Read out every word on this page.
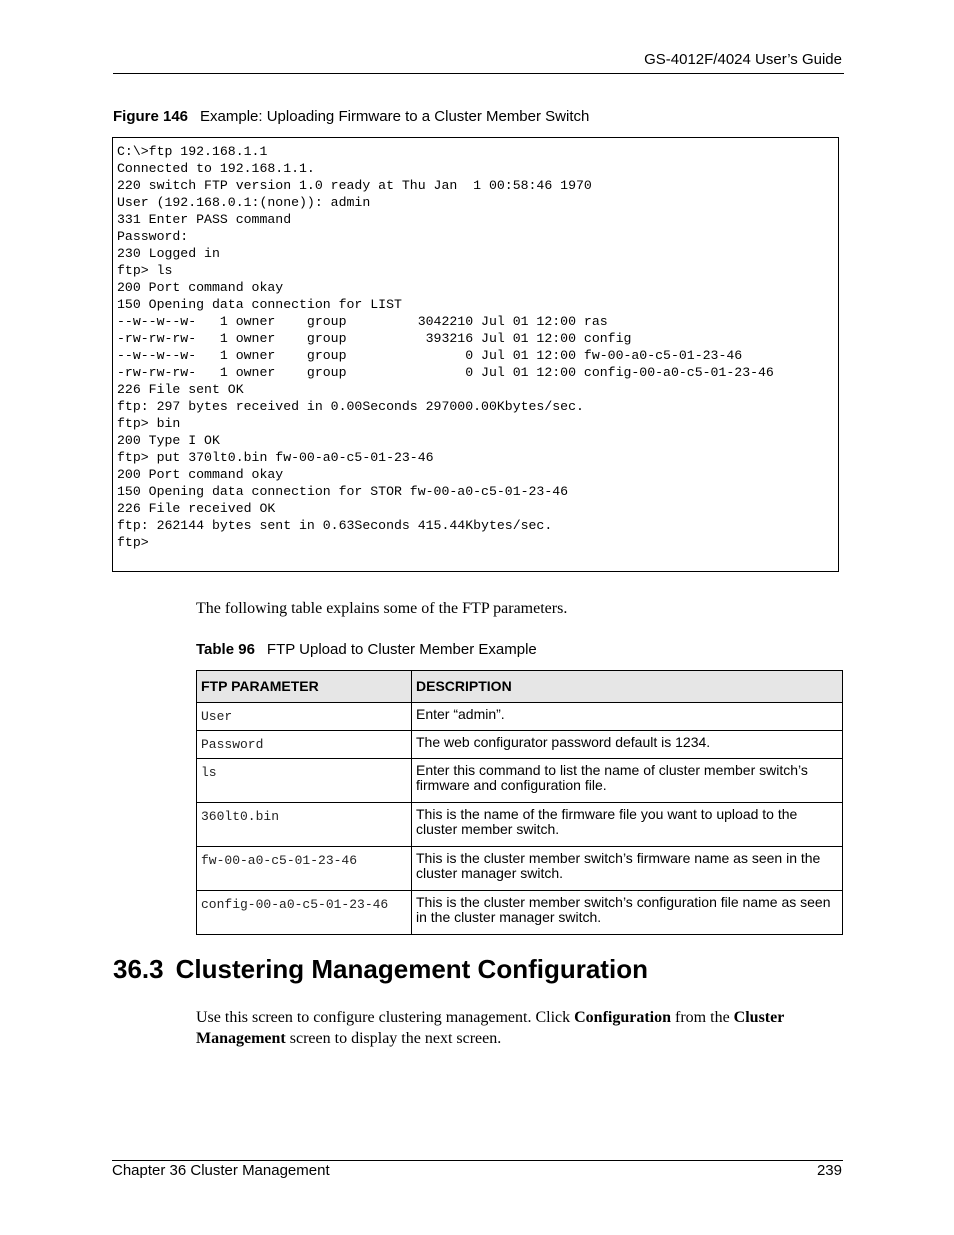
GS-4012F/4024 User’s Guide
Figure 146 Example: Uploading Firmware to a Cluster Member Switch
C:\>ftp 192.168.1.1
Connected to 192.168.1.1.
220 switch FTP version 1.0 ready at Thu Jan  1 00:58:46 1970
User (192.168.0.1:(none)): admin
331 Enter PASS command
Password:
230 Logged in
ftp> ls
200 Port command okay
150 Opening data connection for LIST
--w--w--w-   1 owner    group         3042210 Jul 01 12:00 ras
-rw-rw-rw-   1 owner    group          393216 Jul 01 12:00 config
--w--w--w-   1 owner    group               0 Jul 01 12:00 fw-00-a0-c5-01-23-46
-rw-rw-rw-   1 owner    group               0 Jul 01 12:00 config-00-a0-c5-01-23-46
226 File sent OK
ftp: 297 bytes received in 0.00Seconds 297000.00Kbytes/sec.
ftp> bin
200 Type I OK
ftp> put 370lt0.bin fw-00-a0-c5-01-23-46
200 Port command okay
150 Opening data connection for STOR fw-00-a0-c5-01-23-46
226 File received OK
ftp: 262144 bytes sent in 0.63Seconds 415.44Kbytes/sec.
ftp>
The following table explains some of the FTP parameters.
Table 96 FTP Upload to Cluster Member Example
FTP PARAMETER	DESCRIPTION
User	Enter “admin”.
Password	The web configurator password default is 1234.
ls	Enter this command to list the name of cluster member switch’s firmware and configuration file.
360lt0.bin	This is the name of the firmware file you want to upload to the cluster member switch.
fw-00-a0-c5-01-23-46	This is the cluster member switch’s firmware name as seen in the cluster manager switch.
config-00-a0-c5-01-23-46	This is the cluster member switch’s configuration file name as seen in the cluster manager switch.
36.3 Clustering Management Configuration
Use this screen to configure clustering management. Click Configuration from the Cluster Management screen to display the next screen.
Chapter 36 Cluster Management	239
